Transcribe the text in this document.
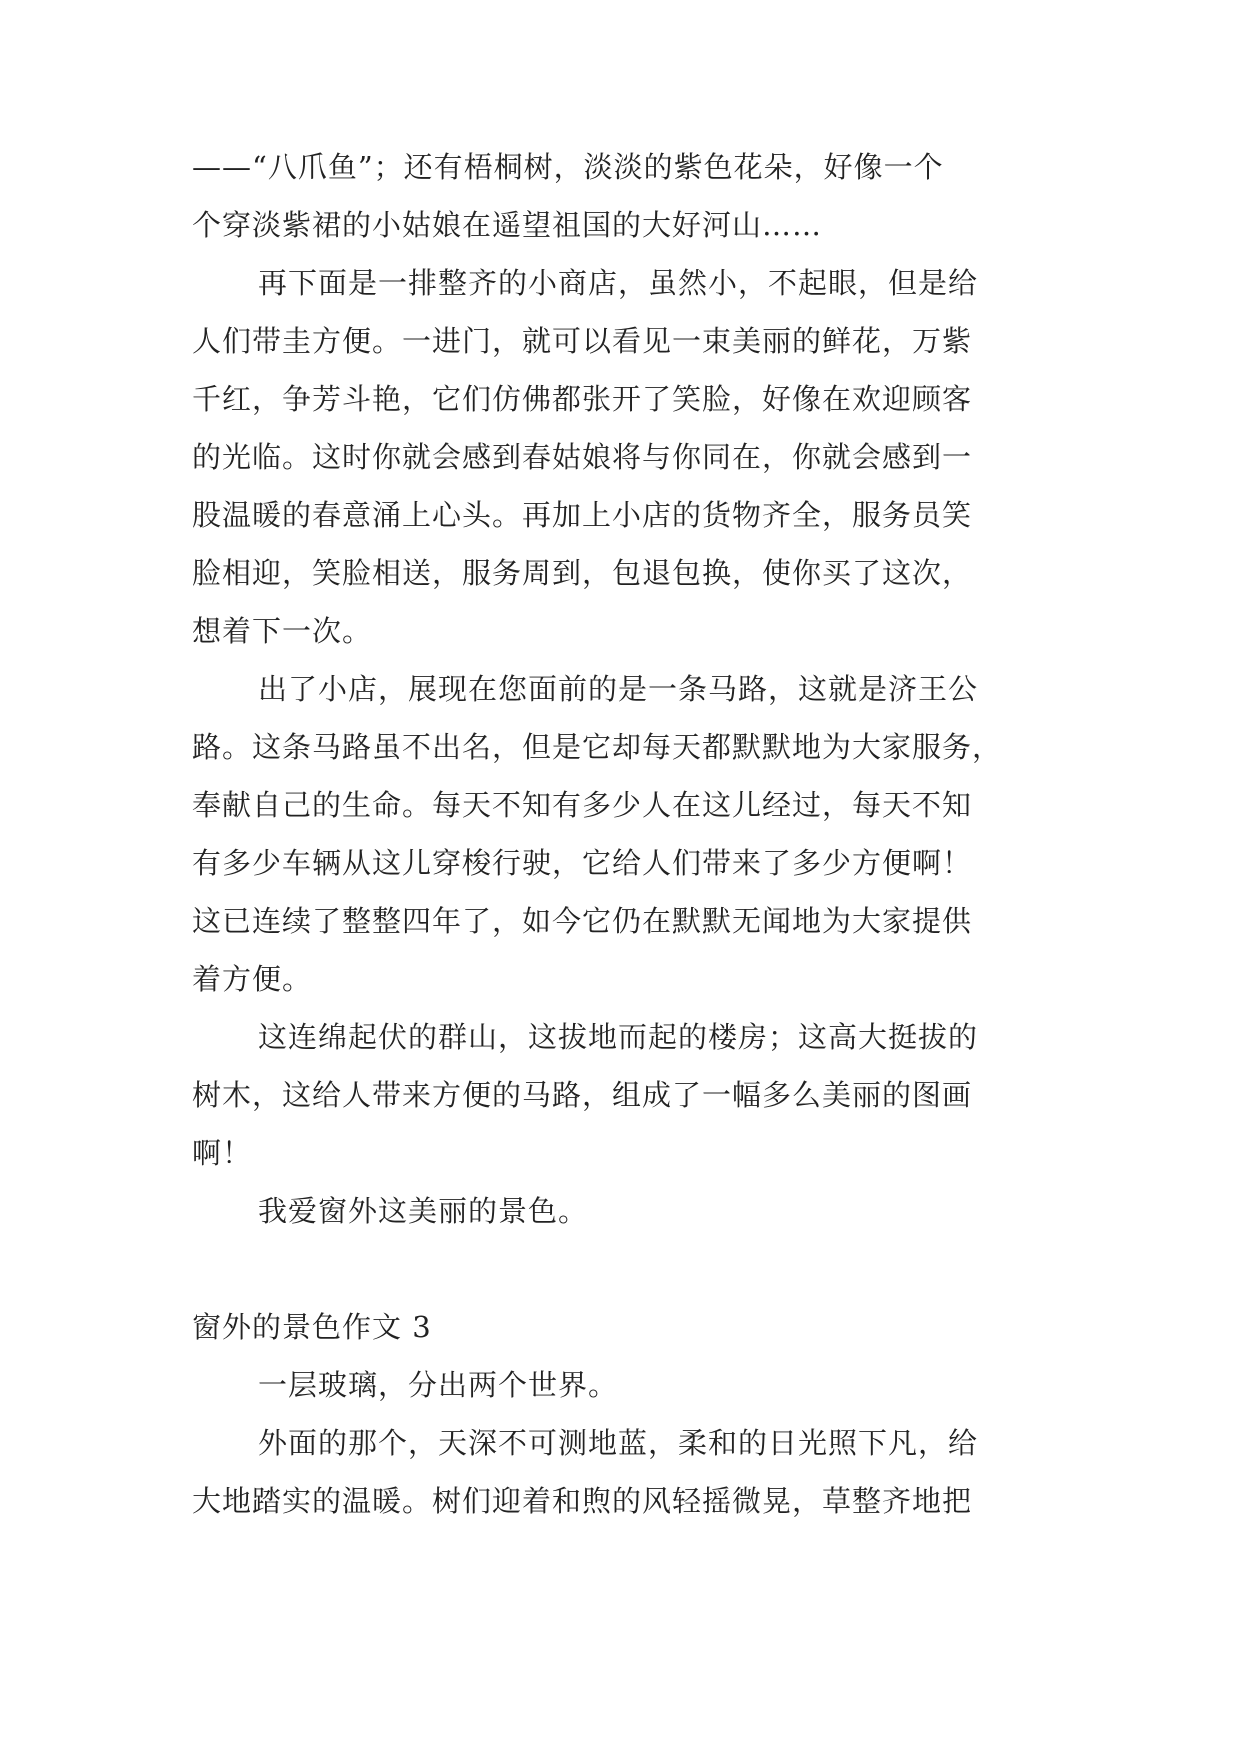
——“八爪鱼”；还有梧桐树，淡淡的紫色花朵，好像一个
个穿淡紫裙的小姑娘在遥望祖国的大好河山……
再下面是一排整齐的小商店，虽然小，不起眼，但是给
人们带圭方便。一进门，就可以看见一束美丽的鲜花，万紫
千红，争芳斗艳，它们仿佛都张开了笑脸，好像在欢迎顾客
的光临。这时你就会感到春姑娘将与你同在，你就会感到一
股温暖的春意涌上心头。再加上小店的货物齐全，服务员笑
脸相迎，笑脸相送，服务周到，包退包换，使你买了这次，
想着下一次。
出了小店，展现在您面前的是一条马路，这就是济王公
路。这条马路虽不出名，但是它却每天都默默地为大家服务，
奉献自己的生命。每天不知有多少人在这儿经过，每天不知
有多少车辆从这儿穿梭行驶，它给人们带来了多少方便啊！
这已连续了整整四年了，如今它仍在默默无闻地为大家提供
着方便。
这连绵起伏的群山，这拔地而起的楼房；这高大挺拔的
树木，这给人带来方便的马路，组成了一幅多么美丽的图画
啊！
我爱窗外这美丽的景色。
窗外的景色作文 3
一层玻璃，分出两个世界。
外面的那个，天深不可测地蓝，柔和的日光照下凡，给
大地踏实的温暖。树们迎着和煦的风轻摇微晃，草整齐地把
